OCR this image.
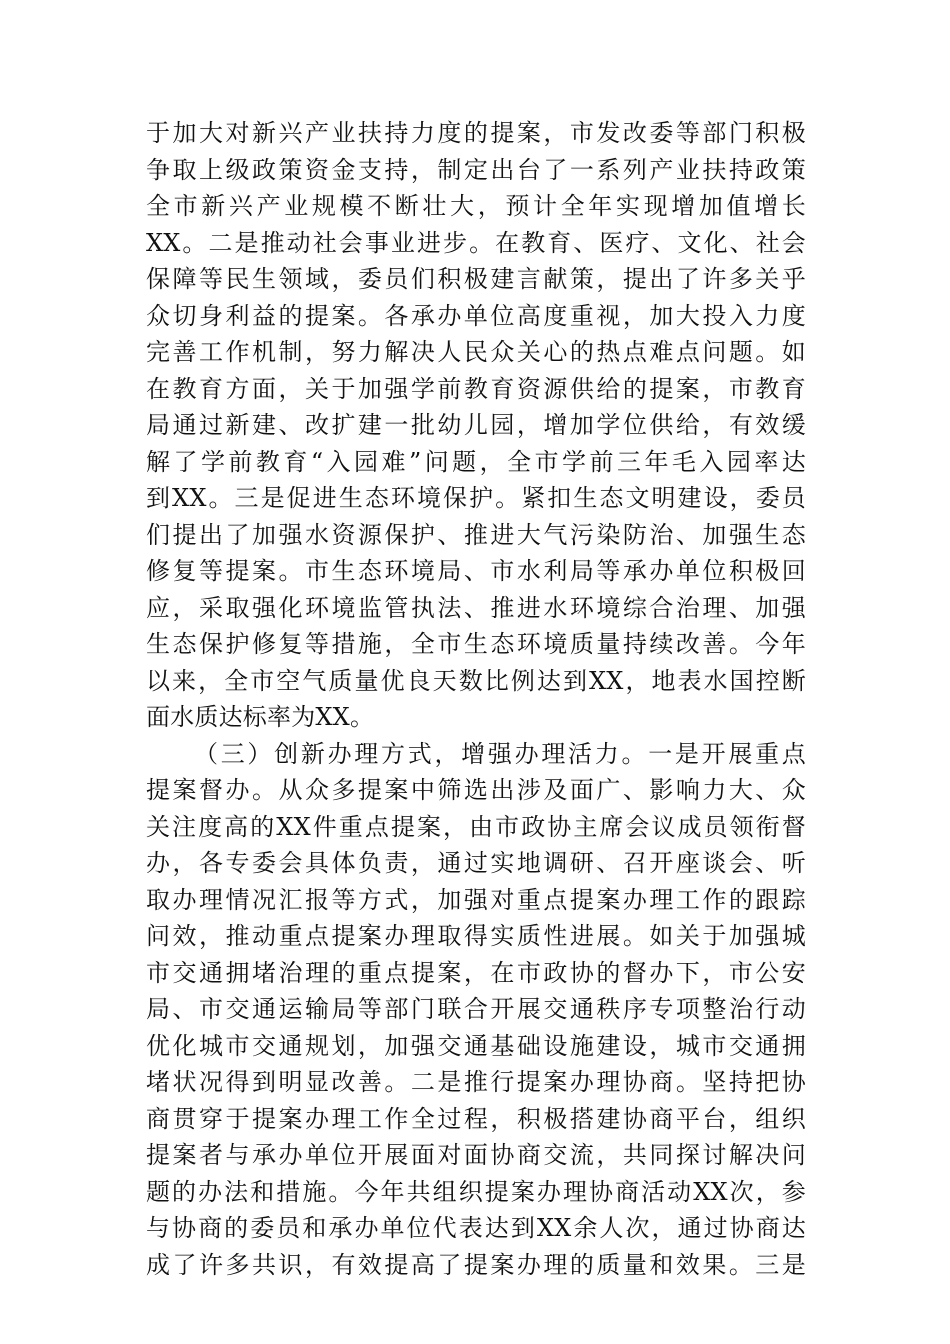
于加大对新兴产业扶持力度的提案，市发改委等部门积极
争取上级政策资金支持，制定出台了一系列产业扶持政策
全市新兴产业规模不断壮大，预计全年实现增加值增长
XX。二是推动社会事业进步。在教育、医疗、文化、社会
保障等民生领域，委员们积极建言献策，提出了许多关乎
众切身利益的提案。各承办单位高度重视，加大投入力度
完善工作机制，努力解决人民众关心的热点难点问题。如
在教育方面，关于加强学前教育资源供给的提案，市教育
局通过新建、改扩建一批幼儿园，增加学位供给，有效缓
解了学前教育“入园难”问题，全市学前三年毛入园率达
到XX。三是促进生态环境保护。紧扣生态文明建设，委员
们提出了加强水资源保护、推进大气污染防治、加强生态
修复等提案。市生态环境局、市水利局等承办单位积极回
应，采取强化环境监管执法、推进水环境综合治理、加强
生态保护修复等措施，全市生态环境质量持续改善。今年
以来，全市空气质量优良天数比例达到XX，地表水国控断
面水质达标率为XX。
（三）创新办理方式，增强办理活力。一是开展重点
提案督办。从众多提案中筛选出涉及面广、影响力大、众
关注度高的XX件重点提案，由市政协主席会议成员领衔督
办，各专委会具体负责，通过实地调研、召开座谈会、听
取办理情况汇报等方式，加强对重点提案办理工作的跟踪
问效，推动重点提案办理取得实质性进展。如关于加强城
市交通拥堵治理的重点提案，在市政协的督办下，市公安
局、市交通运输局等部门联合开展交通秩序专项整治行动
优化城市交通规划，加强交通基础设施建设，城市交通拥
堵状况得到明显改善。二是推行提案办理协商。坚持把协
商贯穿于提案办理工作全过程，积极搭建协商平台，组织
提案者与承办单位开展面对面协商交流，共同探讨解决问
题的办法和措施。今年共组织提案办理协商活动XX次，参
与协商的委员和承办单位代表达到XX余人次，通过协商达
成了许多共识，有效提高了提案办理的质量和效果。三是
